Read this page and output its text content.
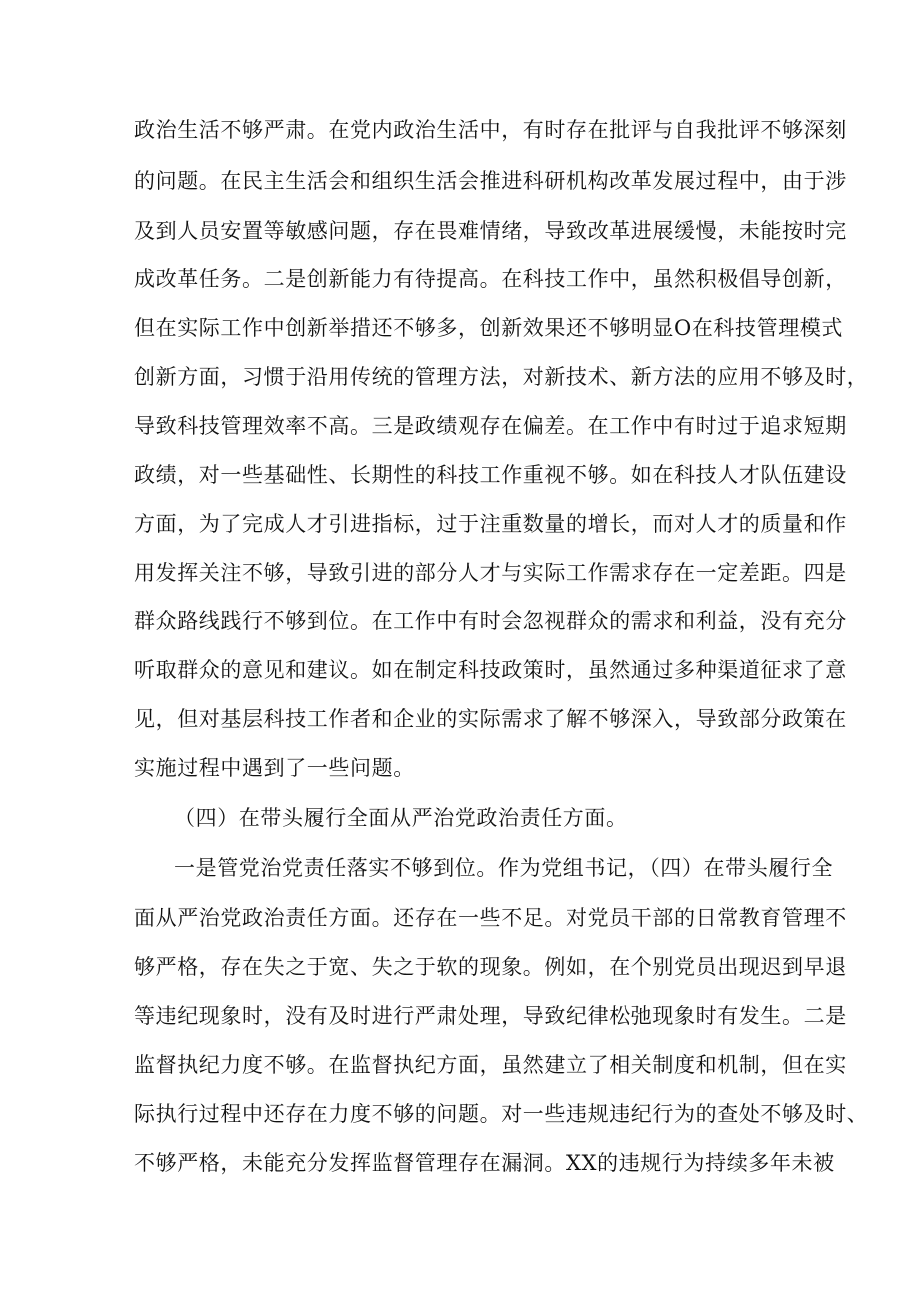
政治生活不够严肃。在党内政治生活中，有时存在批评与自我批评不够深刻
的问题。在民主生活会和组织生活会推进科研机构改革发展过程中，由于涉
及到人员安置等敏感问题，存在畏难情绪，导致改革进展缓慢，未能按时完
成改革任务。二是创新能力有待提高。在科技工作中，虽然积极倡导创新，
但在实际工作中创新举措还不够多，创新效果还不够明显O在科技管理模式
创新方面，习惯于沿用传统的管理方法，对新技术、新方法的应用不够及时，
导致科技管理效率不高。三是政绩观存在偏差。在工作中有时过于追求短期
政绩，对一些基础性、长期性的科技工作重视不够。如在科技人才队伍建设
方面，为了完成人才引进指标，过于注重数量的增长，而对人才的质量和作
用发挥关注不够，导致引进的部分人才与实际工作需求存在一定差距。四是
群众路线践行不够到位。在工作中有时会忽视群众的需求和利益，没有充分
听取群众的意见和建议。如在制定科技政策时，虽然通过多种渠道征求了意
见，但对基层科技工作者和企业的实际需求了解不够深入，导致部分政策在
实施过程中遇到了一些问题。
（四）在带头履行全面从严治党政治责任方面。
一是管党治党责任落实不够到位。作为党组书记，（四）在带头履行全
面从严治党政治责任方面。还存在一些不足。对党员干部的日常教育管理不
够严格，存在失之于宽、失之于软的现象。例如，在个别党员出现迟到早退
等违纪现象时，没有及时进行严肃处理，导致纪律松弛现象时有发生。二是
监督执纪力度不够。在监督执纪方面，虽然建立了相关制度和机制，但在实
际执行过程中还存在力度不够的问题。对一些违规违纪行为的查处不够及时、
不够严格，未能充分发挥监督管理存在漏洞。XX的违规行为持续多年未被
